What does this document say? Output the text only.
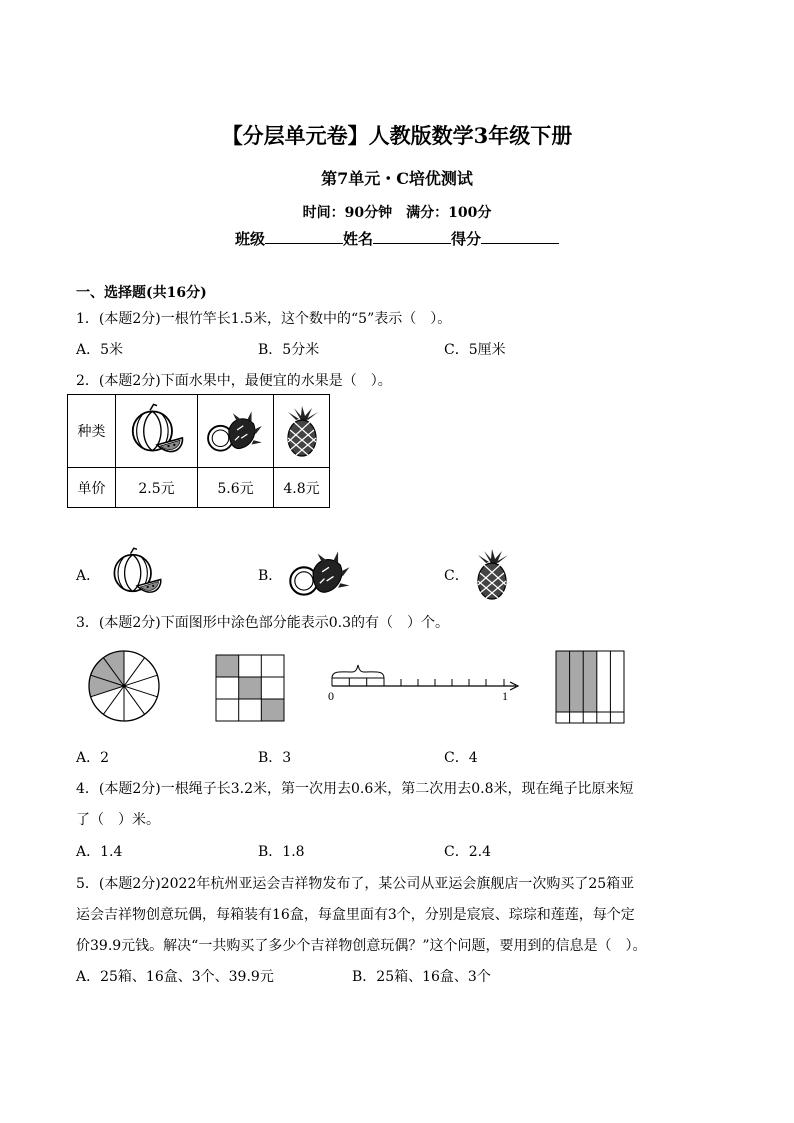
【分层单元卷】人教版数学3年级下册
第7单元・C培优测试
时间：90分钟　满分：100分
班级	姓名	得分
一、选择题(共16分)
1．(本题2分)一根竹竿长1.5米，这个数中的“5”表示（　）。
A．5米	B．5分米	C．5厘米
2．(本题2分)下面水果中，最便宜的水果是（　）。
种类	

单价	2.5元	5.6元	4.8元
A．	B．	C．
3．(本题2分)下面图形中涂色部分能表示0.3的有（　）个。
0	1
A．2	B．3	C．4
4．(本题2分)一根绳子长3.2米，第一次用去0.6米，第二次用去0.8米，现在绳子比原来短
了（　）米。
A．1.4	B．1.8	C．2.4
5．(本题2分)2022年杭州亚运会吉祥物发布了，某公司从亚运会旗舰店一次购买了25箱亚
运会吉祥物创意玩偶，每箱装有16盒，每盒里面有3个，分别是宸宸、琮琮和莲莲，每个定
价39.9元钱。解决“一共购买了多少个吉祥物创意玩偶？”这个问题，要用到的信息是（　）。
A．25箱、16盒、3个、39.9元	B．25箱、16盒、3个
